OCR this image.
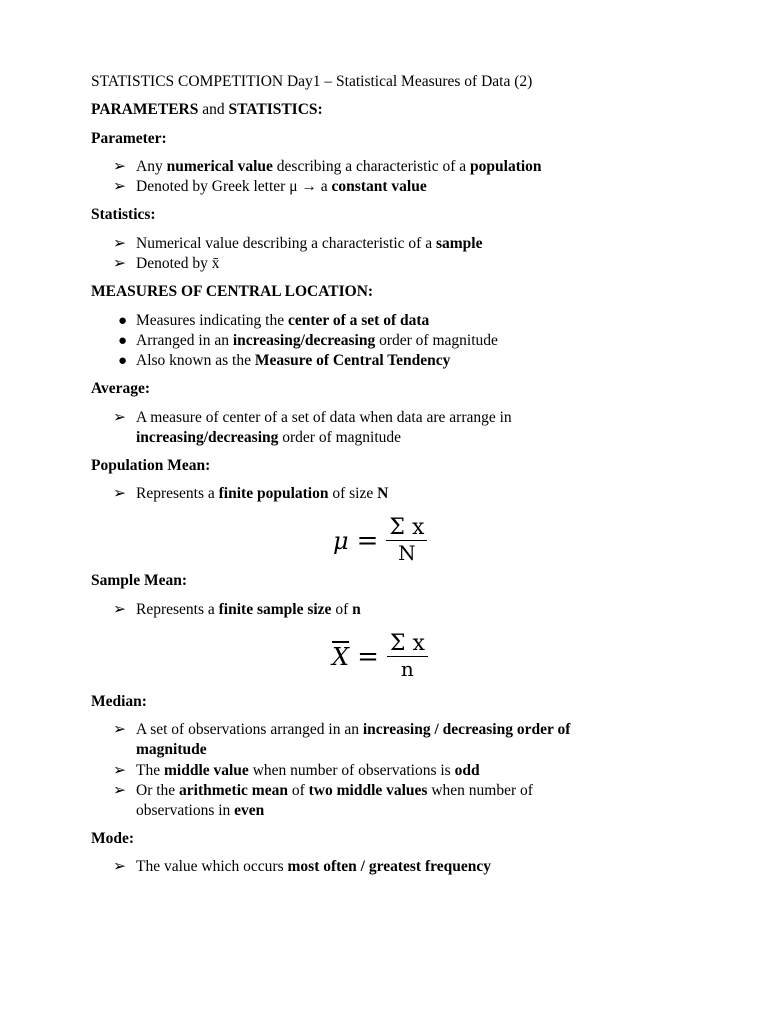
STATISTICS COMPETITION Day1 – Statistical Measures of Data (2)
PARAMETERS and STATISTICS:
Parameter:
➢ Any numerical value describing a characteristic of a population
➢ Denoted by Greek letter μ → a constant value
Statistics:
➢ Numerical value describing a characteristic of a sample
➢ Denoted by x̄
MEASURES OF CENTRAL LOCATION:
● Measures indicating the center of a set of data
● Arranged in an increasing/decreasing order of magnitude
● Also known as the Measure of Central Tendency
Average:
➢ A measure of center of a set of data when data are arrange in
increasing/decreasing order of magnitude
Population Mean:
➢ Represents a finite population of size N
$\mu = \frac{\text{Σ x}}{N}$
Sample Mean:
➢ Represents a finite sample size of n
$\overline{X} = \frac{\text{Σ x}}{n}$
Median:
➢ A set of observations arranged in an increasing / decreasing order of
magnitude
➢ The middle value when number of observations is odd
➢ Or the arithmetic mean of two middle values when number of
observations in even
Mode:
➢ The value which occurs most often / greatest frequency
